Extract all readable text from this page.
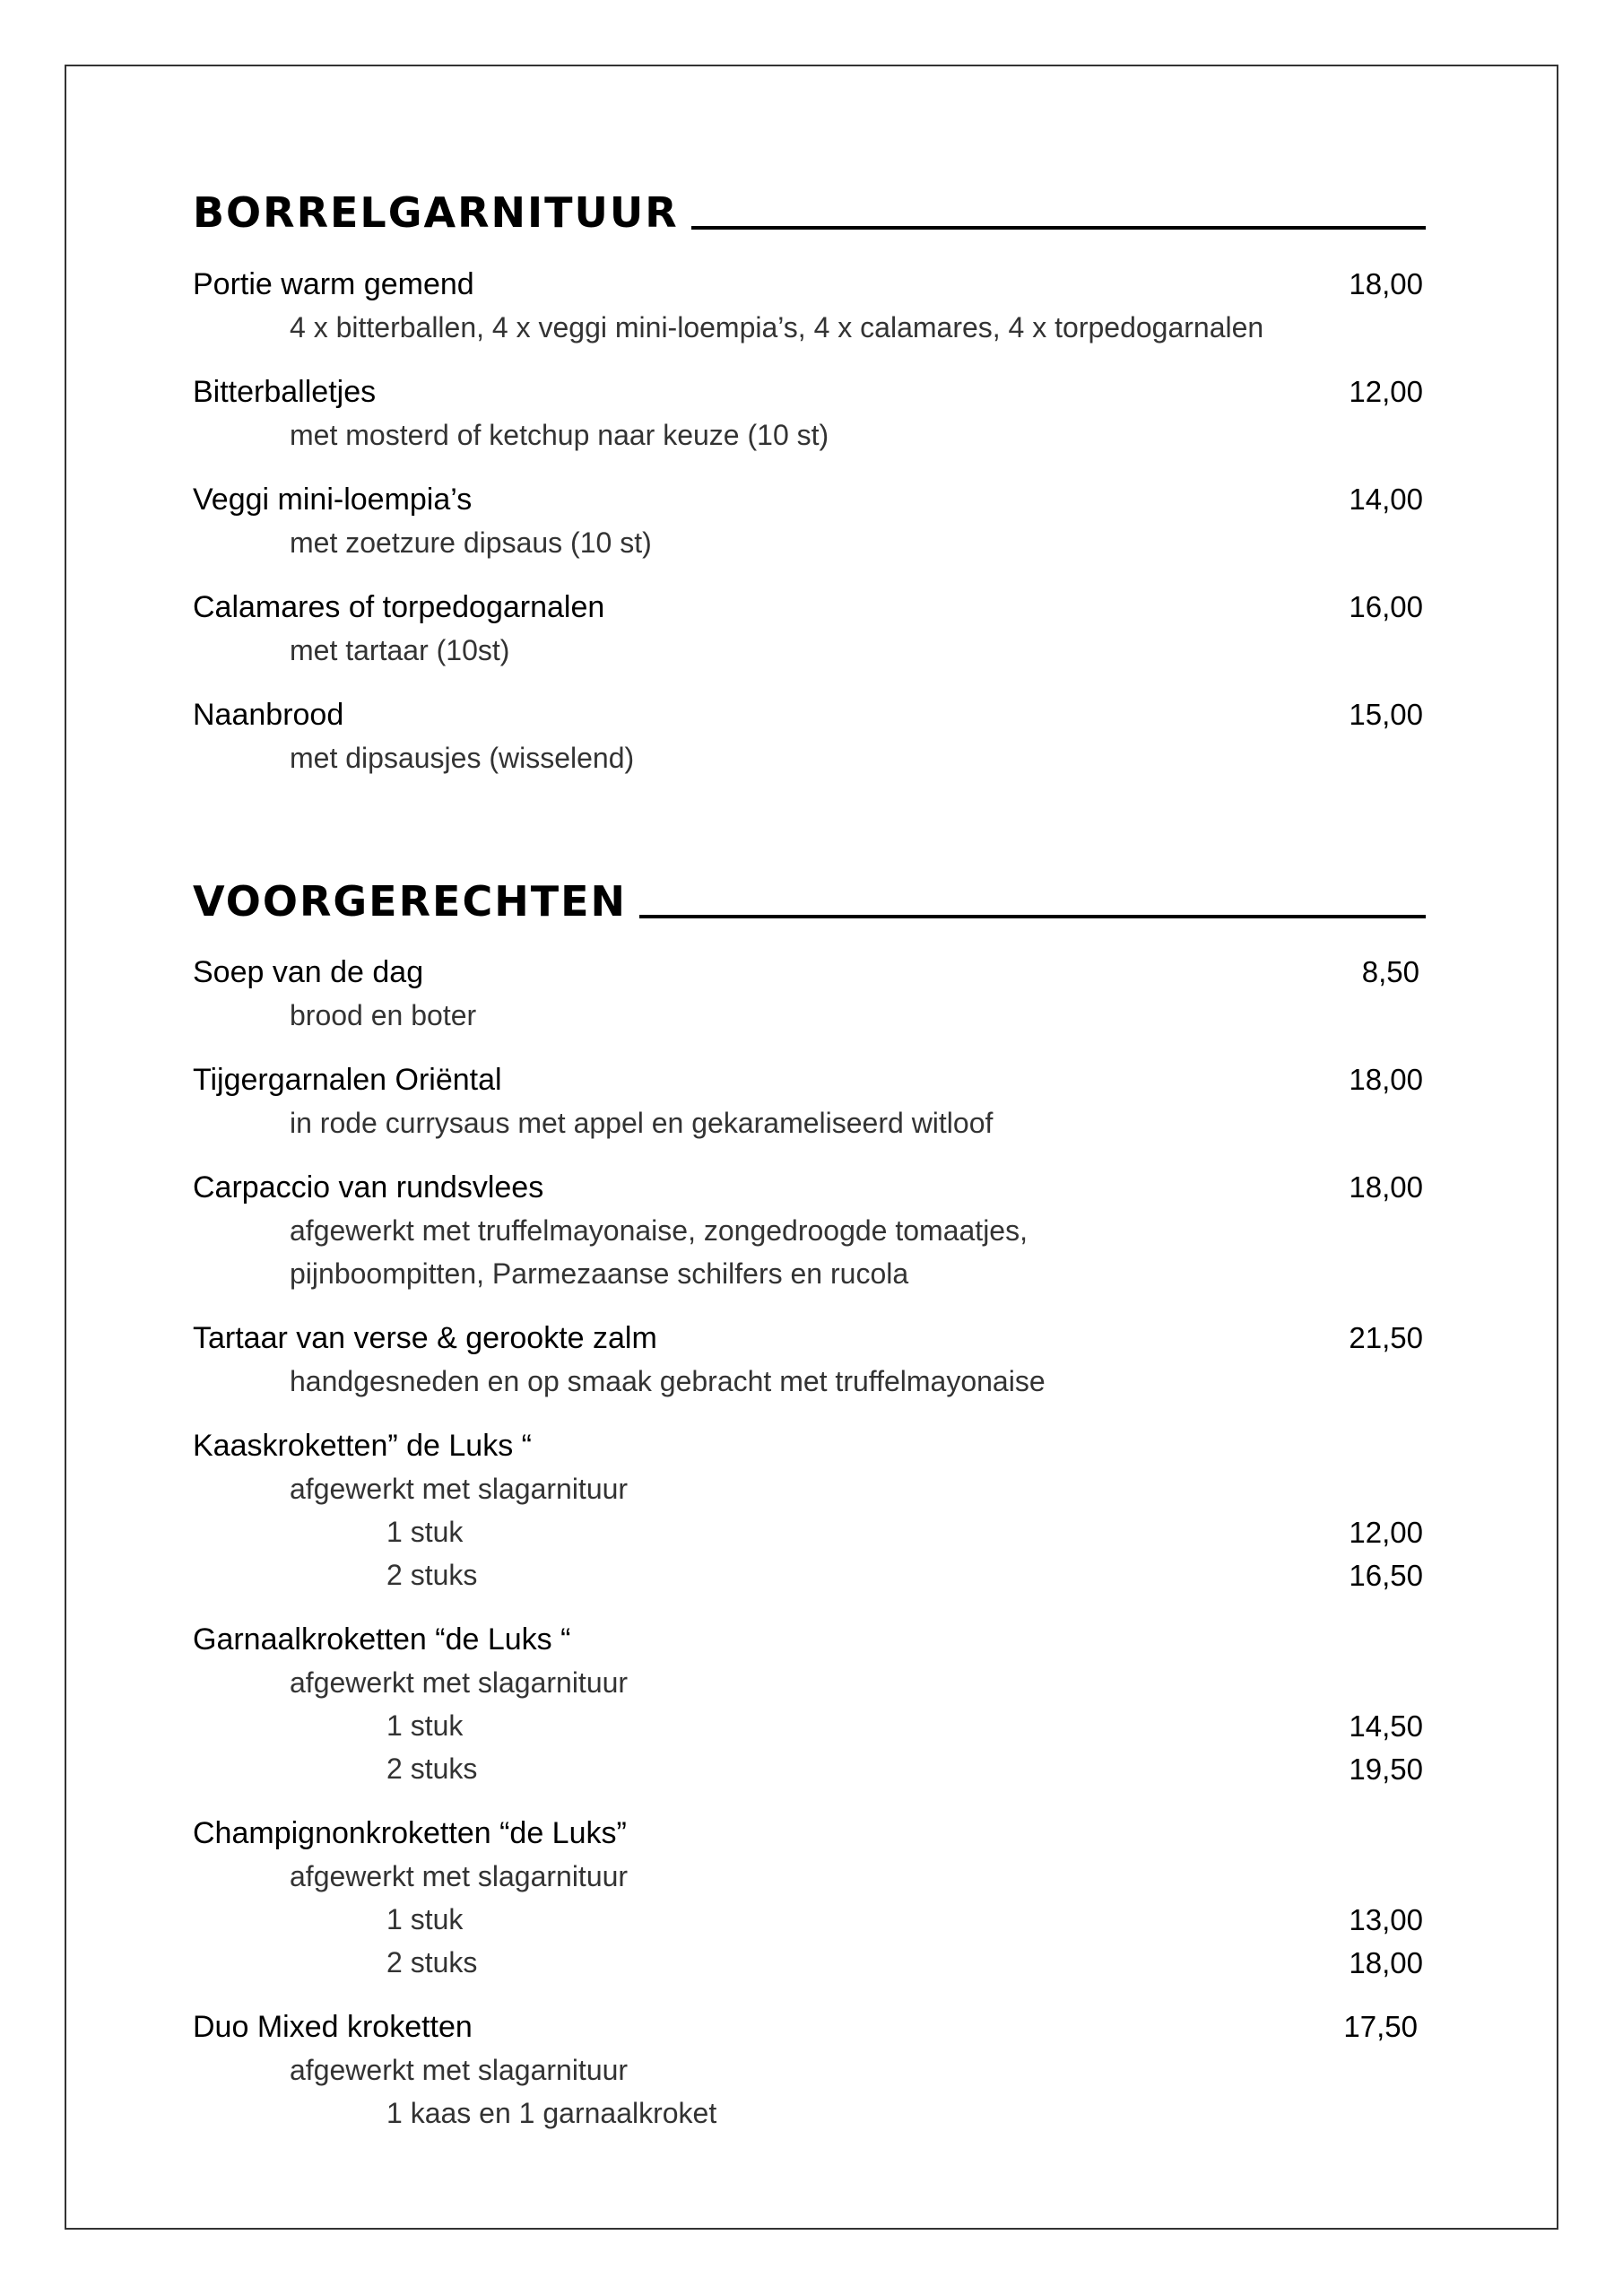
BORRELGARNITUUR
Portie warm gemend	18,00
4 x bitterballen, 4 x veggi mini-loempia’s, 4 x calamares, 4 x torpedogarnalen
Bitterballetjes	12,00
met mosterd of ketchup naar keuze (10 st)
Veggi mini-loempia’s	14,00
met zoetzure dipsaus (10 st)
Calamares of torpedogarnalen	16,00
met tartaar (10st)
Naanbrood	15,00
met dipsausjes (wisselend)
VOORGERECHTEN
Soep van de dag	8,50
brood en boter
Tijgergarnalen Oriëntal	18,00
in rode currysaus met appel en gekarameliseerd witloof
Carpaccio van rundsvlees	18,00
afgewerkt met truffelmayonaise, zongedroogde tomaatjes,
pijnboompitten, Parmezaanse schilfers en rucola
Tartaar van verse & gerookte zalm	21,50
handgesneden en op smaak gebracht met truffelmayonaise
Kaaskroketten” de Luks “
afgewerkt met slagarnituur
1 stuk	12,00
2 stuks	16,50
Garnaalkroketten “de Luks “
afgewerkt met slagarnituur
1 stuk	14,50
2 stuks	19,50
Champignonkroketten “de Luks”
afgewerkt met slagarnituur
1 stuk	13,00
2 stuks	18,00
Duo Mixed kroketten	17,50
afgewerkt met slagarnituur
1 kaas en 1 garnaalkroket
